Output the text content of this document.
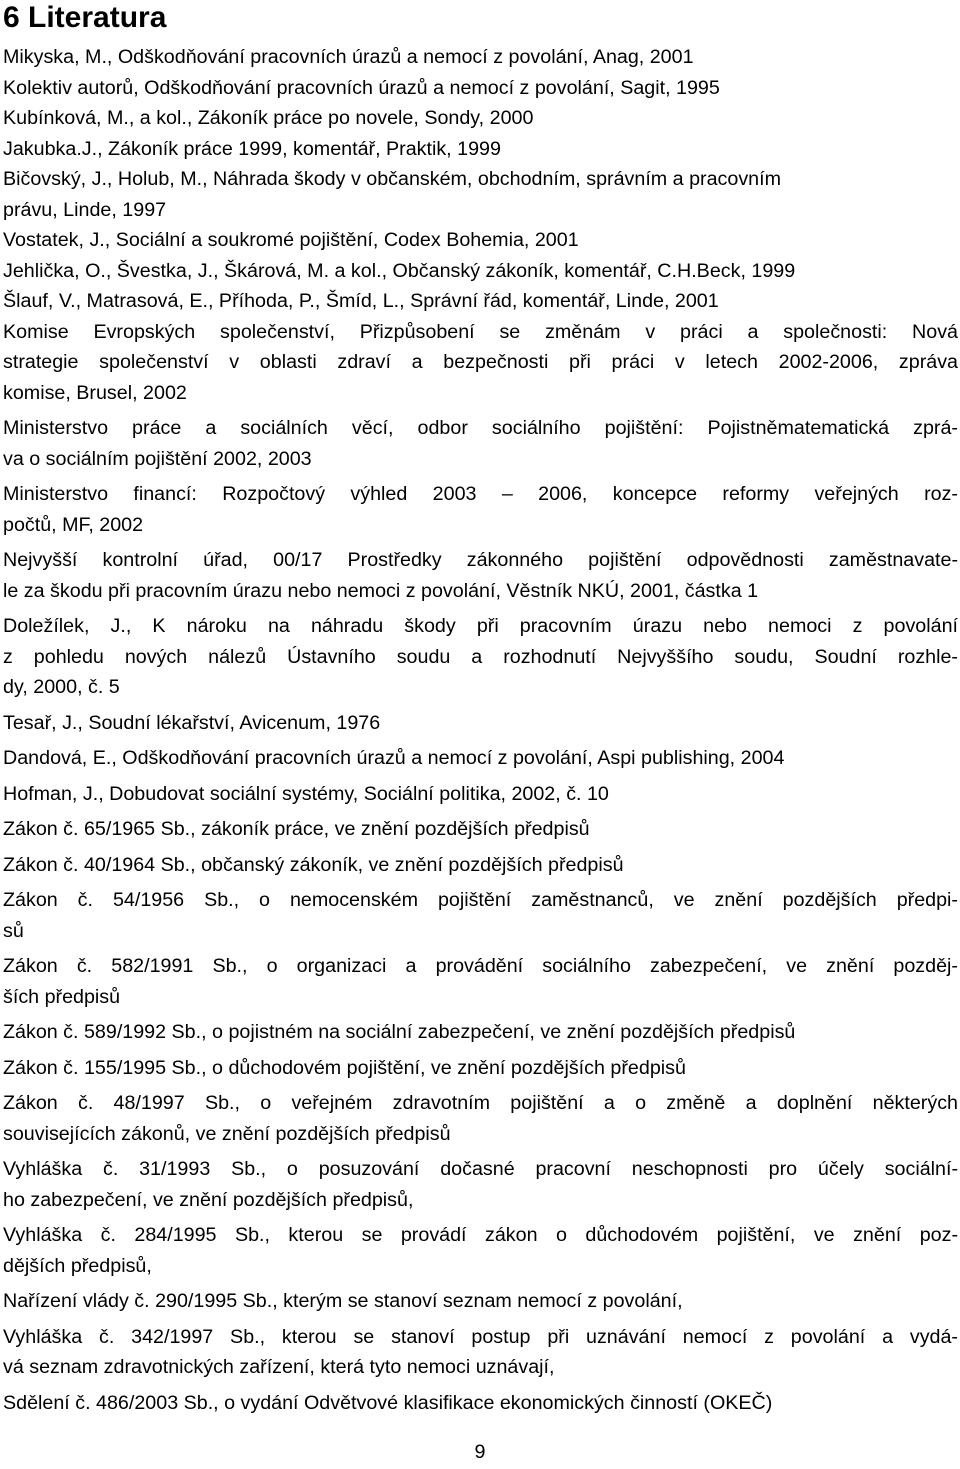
6 Literatura
Mikyska, M., Odškodňování pracovních úrazů a nemocí z povolání, Anag, 2001
Kolektiv autorů, Odškodňování pracovních úrazů a nemocí z povolání, Sagit, 1995
Kubínková, M., a kol., Zákoník práce po novele, Sondy, 2000
Jakubka.J., Zákoník práce 1999, komentář, Praktik, 1999
Bičovský, J., Holub, M., Náhrada škody v občanském, obchodním, správním a pracovním
právu, Linde, 1997
Vostatek, J., Sociální a soukromé pojištění, Codex Bohemia, 2001
Jehlička, O., Švestka, J., Škárová, M. a kol., Občanský zákoník, komentář, C.H.Beck, 1999
Šlauf, V., Matrasová, E., Příhoda, P., Šmíd, L., Správní řád, komentář, Linde, 2001
Komise Evropských společenství, Přizpůsobení se změnám v práci a společnosti: Nová
strategie společenství v oblasti zdraví a bezpečnosti při práci v letech 2002-2006, zpráva
komise, Brusel, 2002
Ministerstvo práce a sociálních věcí, odbor sociálního pojištění: Pojistněmatematická zprá-
va o sociálním pojištění 2002, 2003
Ministerstvo financí: Rozpočtový výhled 2003 – 2006, koncepce reformy veřejných roz-
počtů, MF, 2002
Nejvyšší kontrolní úřad, 00/17 Prostředky zákonného pojištění odpovědnosti zaměstnavate-
le za škodu při pracovním úrazu nebo nemoci z povolání, Věstník NKÚ, 2001, částka 1
Doležílek, J., K nároku na náhradu škody při pracovním úrazu nebo nemoci z povolání
z pohledu nových nálezů Ústavního soudu a rozhodnutí Nejvyššího soudu, Soudní rozhle-
dy, 2000, č. 5
Tesař, J., Soudní lékařství, Avicenum, 1976
Dandová, E., Odškodňování pracovních úrazů a nemocí z povolání, Aspi publishing, 2004
Hofman, J., Dobudovat sociální systémy, Sociální politika, 2002, č. 10
Zákon č. 65/1965 Sb., zákoník práce, ve znění pozdějších předpisů
Zákon č. 40/1964 Sb., občanský zákoník, ve znění pozdějších předpisů
Zákon č. 54/1956 Sb., o nemocenském pojištění zaměstnanců, ve znění pozdějších předpi-
sů
Zákon č. 582/1991 Sb., o organizaci a provádění sociálního zabezpečení, ve znění pozděj-
ších předpisů
Zákon č. 589/1992 Sb., o pojistném na sociální zabezpečení, ve znění pozdějších předpisů
Zákon č. 155/1995 Sb., o důchodovém pojištění, ve znění pozdějších předpisů
Zákon č. 48/1997 Sb., o veřejném zdravotním pojištění a o změně a doplnění některých
souvisejících zákonů, ve znění pozdějších předpisů
Vyhláška č. 31/1993 Sb., o posuzování dočasné pracovní neschopnosti pro účely sociální-
ho zabezpečení, ve znění pozdějších předpisů,
Vyhláška č. 284/1995 Sb., kterou se provádí zákon o důchodovém pojištění, ve znění poz-
dějších předpisů,
Nařízení vlády č. 290/1995 Sb., kterým se stanoví seznam nemocí z povolání,
Vyhláška č. 342/1997 Sb., kterou se stanoví postup při uznávání nemocí z povolání a vydá-
vá seznam zdravotnických zařízení, která tyto nemoci uznávají,
Sdělení č. 486/2003 Sb., o vydání Odvětvové klasifikace ekonomických činností (OKEČ)
9
